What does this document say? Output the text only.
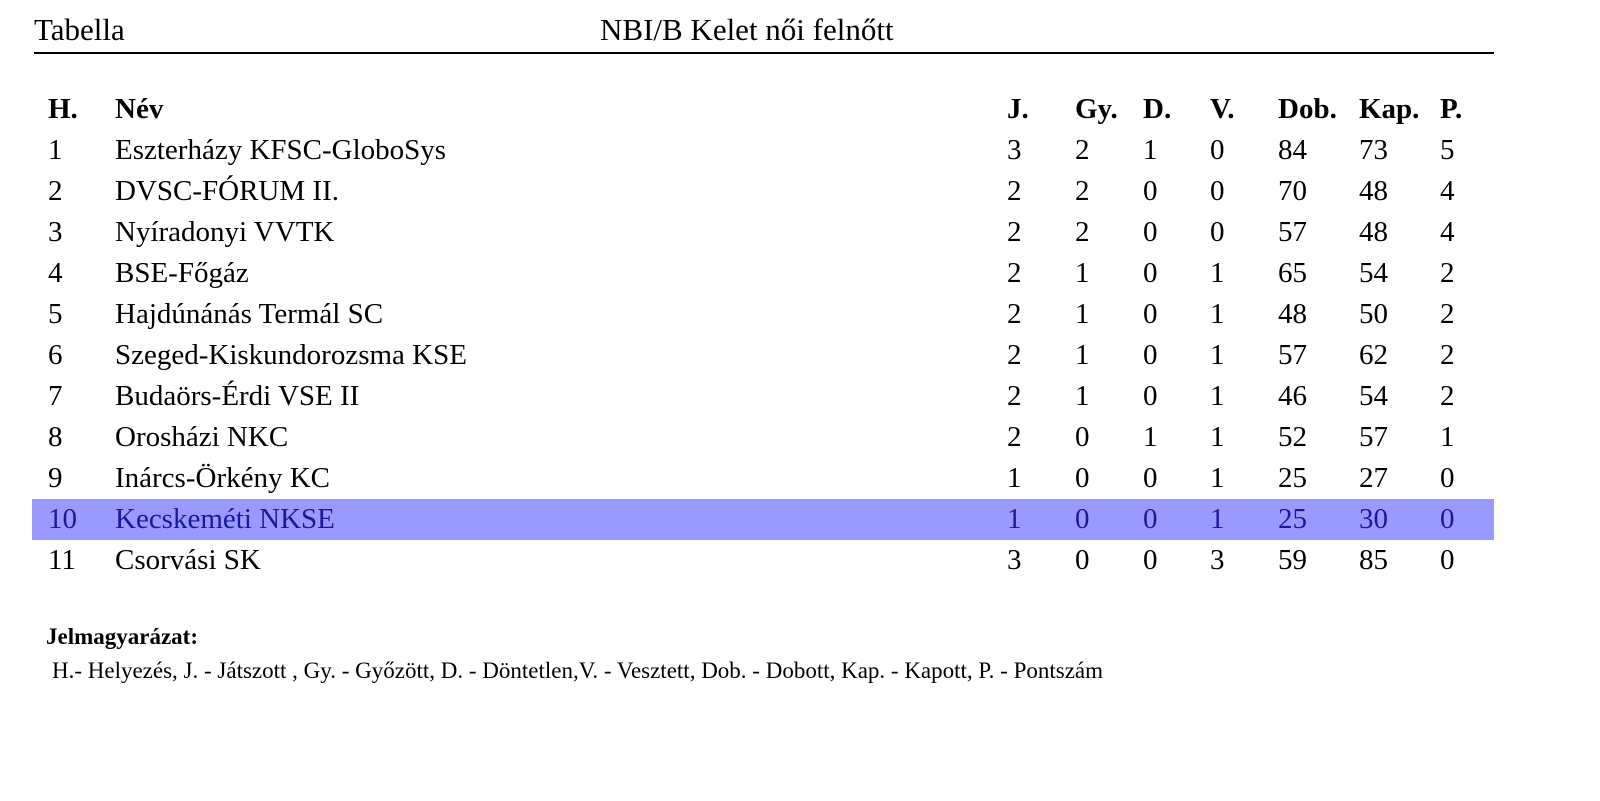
Tabella	NBI/B Kelet női felnőtt
H. Név	J. Gy. D. V. Dob. Kap. P.
1 Eszterházy KFSC-GloboSys	3 2 1 0 84 73 5
2 DVSC-FÓRUM II.	2 2 0 0 70 48 4
3 Nyíradonyi VVTK	2 2 0 0 57 48 4
4 BSE-Főgáz	2 1 0 1 65 54 2
5 Hajdúnánás Termál SC	2 1 0 1 48 50 2
6 Szeged-Kiskundorozsma KSE	2 1 0 1 57 62 2
7 Budaörs-Érdi VSE II	2 1 0 1 46 54 2
8 Orosházi NKC	2 0 1 1 52 57 1
9 Inárcs-Örkény KC	1 0 0 1 25 27 0
10 Kecskeméti NKSE	1 0 0 1 25 30 0
11 Csorvási SK	3 0 0 3 59 85 0
Jelmagyarázat:
H.- Helyezés, J. - Játszott , Gy. - Győzött, D. - Döntetlen,V. - Vesztett, Dob. - Dobott, Kap. - Kapott, P. - Pontszám
